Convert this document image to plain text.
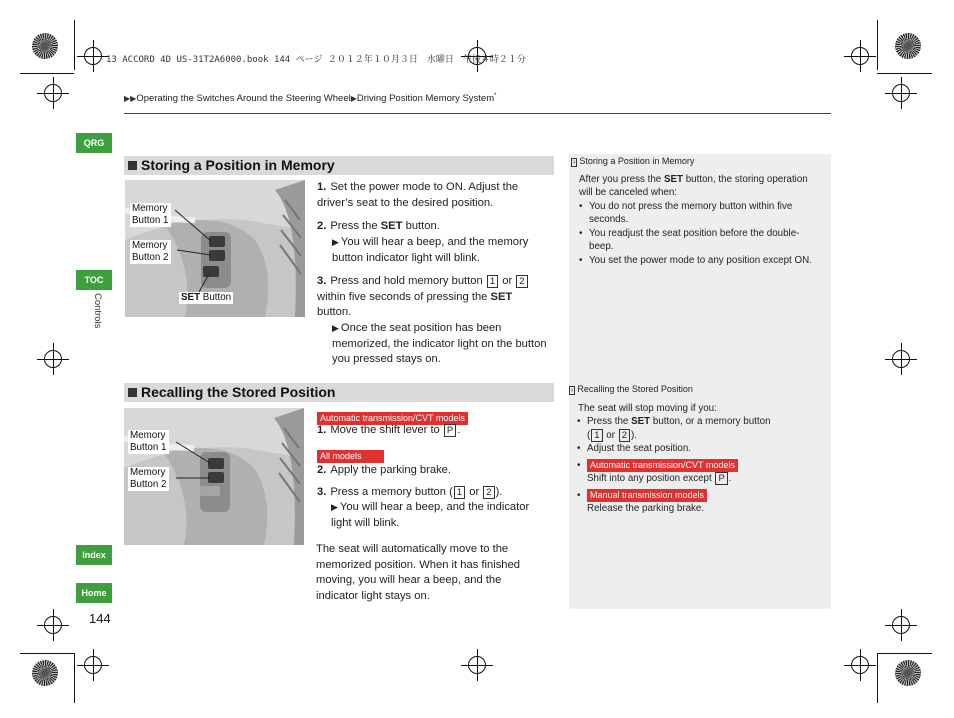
13 ACCORD 4D US-31T2A6000.book 144 ページ ２０１２年１０月３日　水曜日　午後４時２１分
▶▶Operating the Switches Around the Steering Wheel▶Driving Position Memory System*
QRG
TOC
Controls
Index
Home
144
Storing a Position in Memory
Memory
Button 1
Memory
Button 2
SET Button
1. Set the power mode to ON. Adjust the driver’s seat to the desired position.
2. Press the SET button.
▶ You will hear a beep, and the memory button indicator light will blink.
3. Press and hold memory button 1 or 2 within five seconds of pressing the SET button.
▶ Once the seat position has been memorized, the indicator light on the button you pressed stays on.
› Storing a Position in Memory
After you press the SET button, the storing operation will be canceled when:
• You do not press the memory button within five seconds.
• You readjust the seat position before the double-beep.
• You set the power mode to any position except ON.
Recalling the Stored Position
Memory
Button 1
Memory
Button 2
Automatic transmission/CVT models
1. Move the shift lever to P .
All models
2. Apply the parking brake.
3. Press a memory button ( 1 or 2 ).
▶ You will hear a beep, and the indicator light will blink.
The seat will automatically move to the memorized position. When it has finished moving, you will hear a beep, and the indicator light stays on.
› Recalling the Stored Position
The seat will stop moving if you:
• Press the SET button, or a memory button
( 1 or 2 ).
• Adjust the seat position.
• Automatic transmission/CVT models
Shift into any position except P .
• Manual transmission models
Release the parking brake.
